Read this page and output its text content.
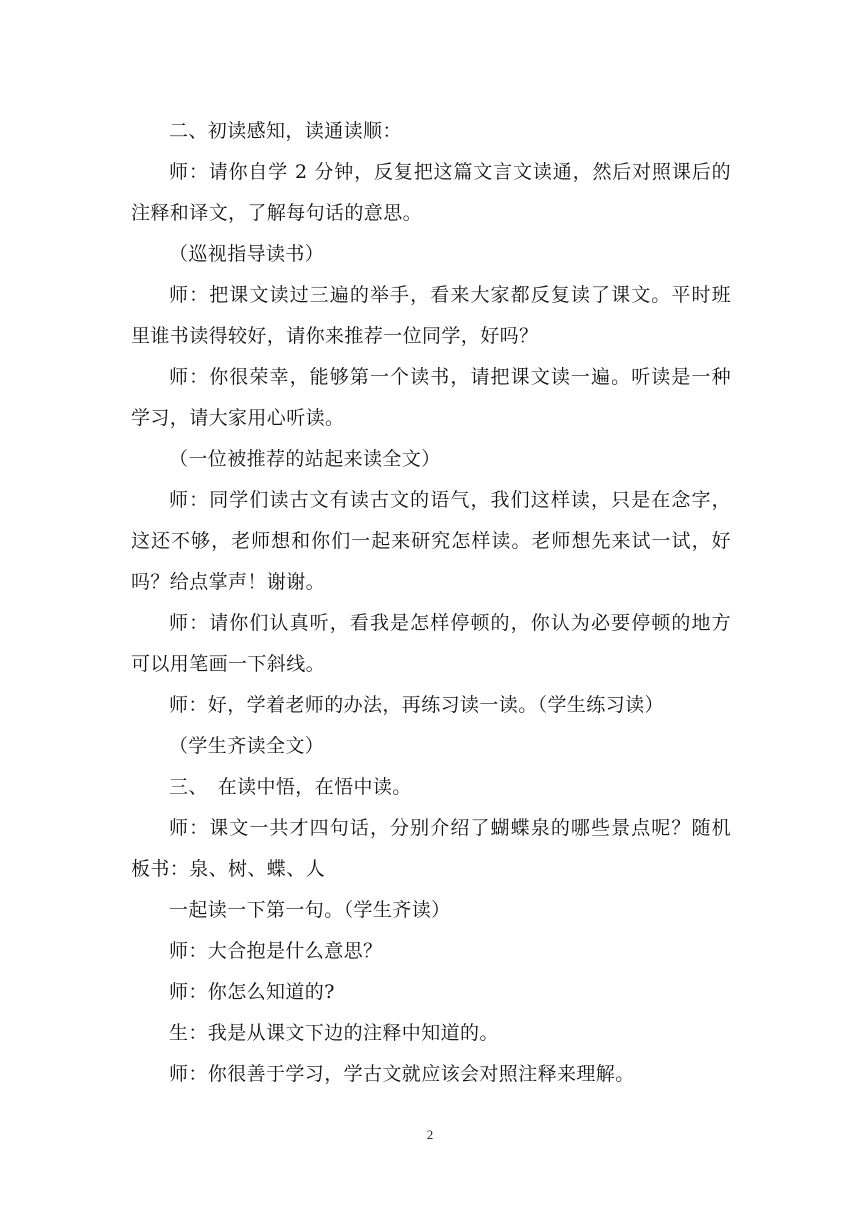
二、初读感知，读通读顺：

师：请你自学 2 分钟，反复把这篇文言文读通，然后对照课后的注释和译文，了解每句话的意思。

（巡视指导读书）

师：把课文读过三遍的举手，看来大家都反复读了课文。平时班里谁书读得较好，请你来推荐一位同学，好吗？

师：你很荣幸，能够第一个读书，请把课文读一遍。听读是一种学习，请大家用心听读。

（一位被推荐的站起来读全文）

师：同学们读古文有读古文的语气，我们这样读，只是在念字，这还不够，老师想和你们一起来研究怎样读。老师想先来试一试，好吗？给点掌声！谢谢。

师：请你们认真听，看我是怎样停顿的，你认为必要停顿的地方可以用笔画一下斜线。

师：好，学着老师的办法，再练习读一读。（学生练习读）

（学生齐读全文）

三、　在读中悟，在悟中读。

师：课文一共才四句话，分别介绍了蝴蝶泉的哪些景点呢？随机板书：泉、树、蝶、人

一起读一下第一句。（学生齐读）

师：大合抱是什么意思？

师：你怎么知道的?

生：我是从课文下边的注释中知道的。

师：你很善于学习，学古文就应该会对照注释来理解。

2
